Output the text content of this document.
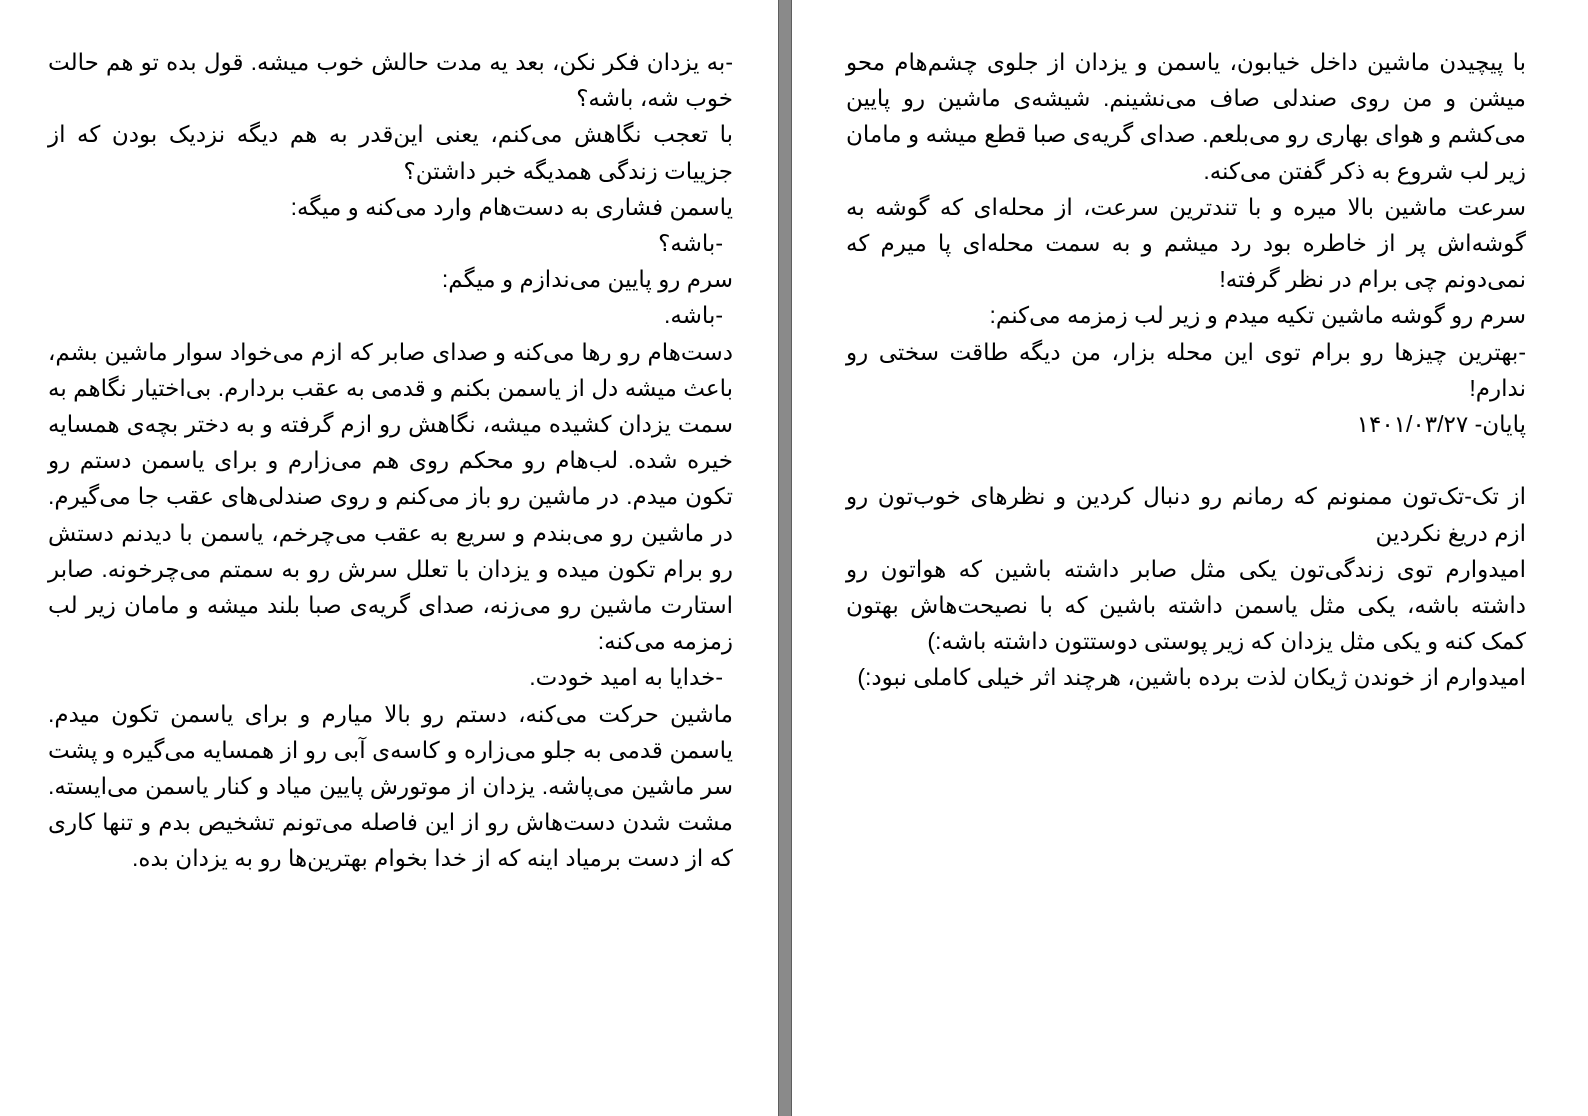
-به یزدان فکر نکن، بعد یه مدت حالش خوب میشه. قول بده تو هم حالت خوب شه، باشه؟

با تعجب نگاهش می‌کنم، یعنی این‌قدر به هم دیگه نزدیک بودن که از جزییات زندگی همدیگه خبر داشتن؟

یاسمن فشاری به دست‌هام وارد می‌کنه و میگه:

-باشه؟

سرم رو پایین می‌ندازم و میگم:

-باشه.

دست‌هام رو رها می‌کنه و صدای صابر که ازم می‌خواد سوار ماشین بشم، باعث میشه دل از یاسمن بکنم و قدمی به عقب بردارم. بی‌اختیار نگاهم به سمت یزدان کشیده میشه، نگاهش رو ازم گرفته و به دختر بچه‌ی همسایه خیره شده. لب‌هام رو محکم روی هم می‌زارم و برای یاسمن دستم رو تکون میدم. در ماشین رو باز می‌کنم و روی صندلی‌های عقب جا می‌گیرم. در ماشین رو می‌بندم و سریع به عقب می‌چرخم، یاسمن با دیدنم دستش رو برام تکون میده و یزدان با تعلل سرش رو به سمتم می‌چرخونه. صابر استارت ماشین رو می‌زنه، صدای گریه‌ی صبا بلند میشه و مامان زیر لب زمزمه می‌کنه:

-خدایا به امید خودت.

ماشین حرکت می‌کنه، دستم رو بالا میارم و برای یاسمن تکون میدم. یاسمن قدمی به جلو می‌زاره و کاسه‌ی آبی رو از همسایه می‌گیره و پشت سر ماشین می‌پاشه. یزدان از موتورش پایین میاد و کنار یاسمن می‌ایسته. مشت شدن دست‌هاش رو از این فاصله می‌تونم تشخیص بدم و تنها کاری که از دست برمیاد اینه که از خدا بخوام بهترین‌ها رو به یزدان بده.

با پیچیدن ماشین داخل خیابون، یاسمن و یزدان از جلوی چشم‌هام محو میشن و من روی صندلی صاف می‌نشینم. شیشه‌ی ماشین رو پایین می‌کشم و هوای بهاری رو می‌بلعم. صدای گریه‌ی صبا قطع میشه و مامان زیر لب شروع به ذکر گفتن می‌کنه.

سرعت ماشین بالا میره و با تندترین سرعت، از محله‌ای که گوشه به گوشه‌اش پر از خاطره بود رد میشم و به سمت محله‌ای پا میرم که نمی‌دونم چی برام در نظر گرفته!

سرم رو گوشه ماشین تکیه میدم و زیر لب زمزمه می‌کنم:

-بهترین چیزها رو برام توی این محله بزار، من دیگه طاقت سختی رو ندارم!

پایان- ۱۴۰۱/۰۳/۲۷

از تک-تک‌تون ممنونم که رمانم رو دنبال کردین و نظرهای خوب‌تون رو ازم دریغ نکردین

امیدوارم توی زندگی‌تون یکی مثل صابر داشته باشین که هواتون رو داشته باشه، یکی مثل یاسمن داشته باشین که با نصیحت‌هاش بهتون کمک کنه و یکی مثل یزدان که زیر پوستی دوستتون داشته باشه:)

امیدوارم از خوندن ژیکان لذت برده باشین، هرچند اثر خیلی کاملی نبود:)
